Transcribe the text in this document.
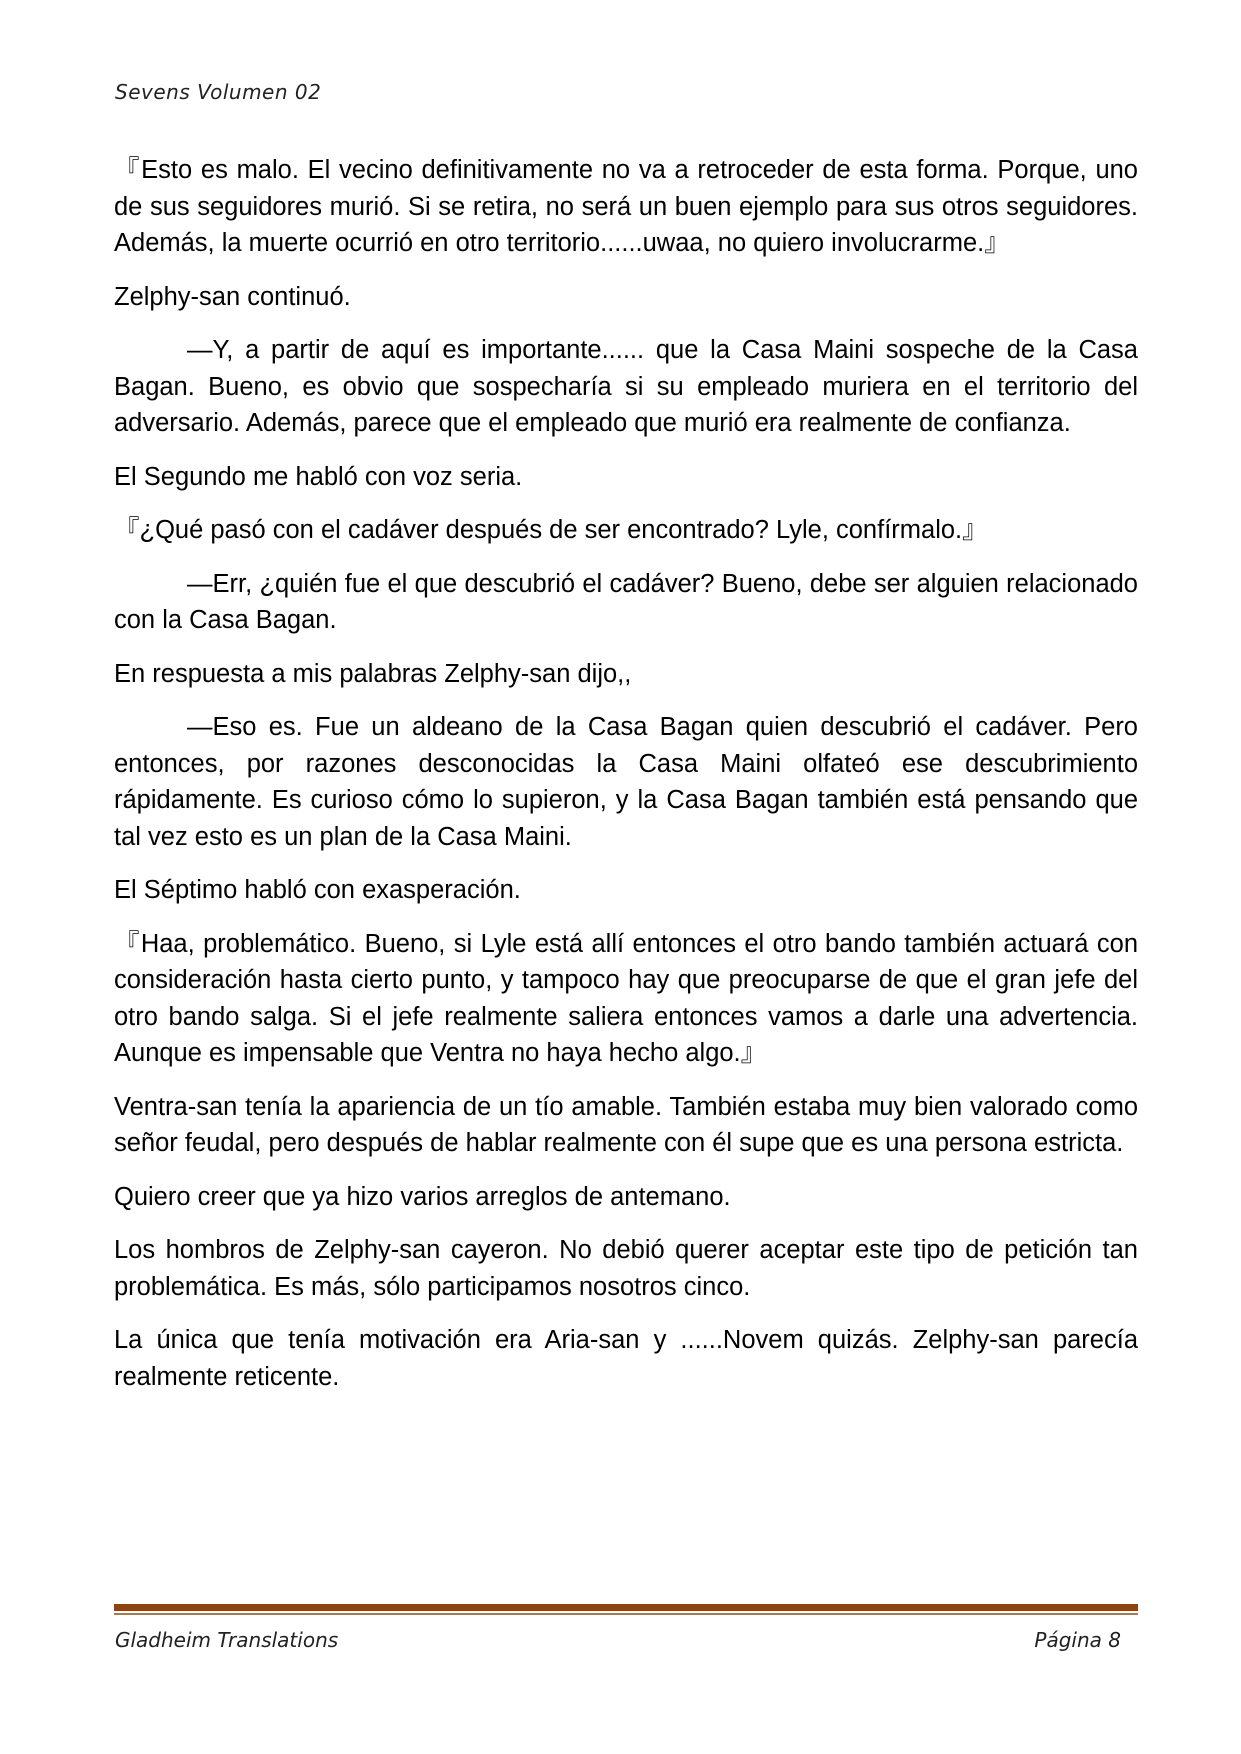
Sevens Volumen 02

『Esto es malo. El vecino definitivamente no va a retroceder de esta forma. Porque, uno de sus seguidores murió. Si se retira, no será un buen ejemplo para sus otros seguidores. Además, la muerte ocurrió en otro territorio......uwaa, no quiero involucrarme.』

Zelphy-san continuó.

—Y, a partir de aquí es importante...... que la Casa Maini sospeche de la Casa Bagan. Bueno, es obvio que sospecharía si su empleado muriera en el territorio del adversario. Además, parece que el empleado que murió era realmente de confianza.

El Segundo me habló con voz seria.

『¿Qué pasó con el cadáver después de ser encontrado? Lyle, confírmalo.』

—Err, ¿quién fue el que descubrió el cadáver? Bueno, debe ser alguien relacionado con la Casa Bagan.

En respuesta a mis palabras Zelphy-san dijo,,

—Eso es. Fue un aldeano de la Casa Bagan quien descubrió el cadáver. Pero entonces, por razones desconocidas la Casa Maini olfateó ese descubrimiento rápidamente. Es curioso cómo lo supieron, y la Casa Bagan también está pensando que tal vez esto es un plan de la Casa Maini.

El Séptimo habló con exasperación.

『Haa, problemático. Bueno, si Lyle está allí entonces el otro bando también actuará con consideración hasta cierto punto, y tampoco hay que preocuparse de que el gran jefe del otro bando salga. Si el jefe realmente saliera entonces vamos a darle una advertencia. Aunque es impensable que Ventra no haya hecho algo.』

Ventra-san tenía la apariencia de un tío amable. También estaba muy bien valorado como señor feudal, pero después de hablar realmente con él supe que es una persona estricta.

Quiero creer que ya hizo varios arreglos de antemano.

Los hombros de Zelphy-san cayeron. No debió querer aceptar este tipo de petición tan problemática. Es más, sólo participamos nosotros cinco.

La única que tenía motivación era Aria-san y ......Novem quizás. Zelphy-san parecía realmente reticente.

Gladheim Translations	Página 8
